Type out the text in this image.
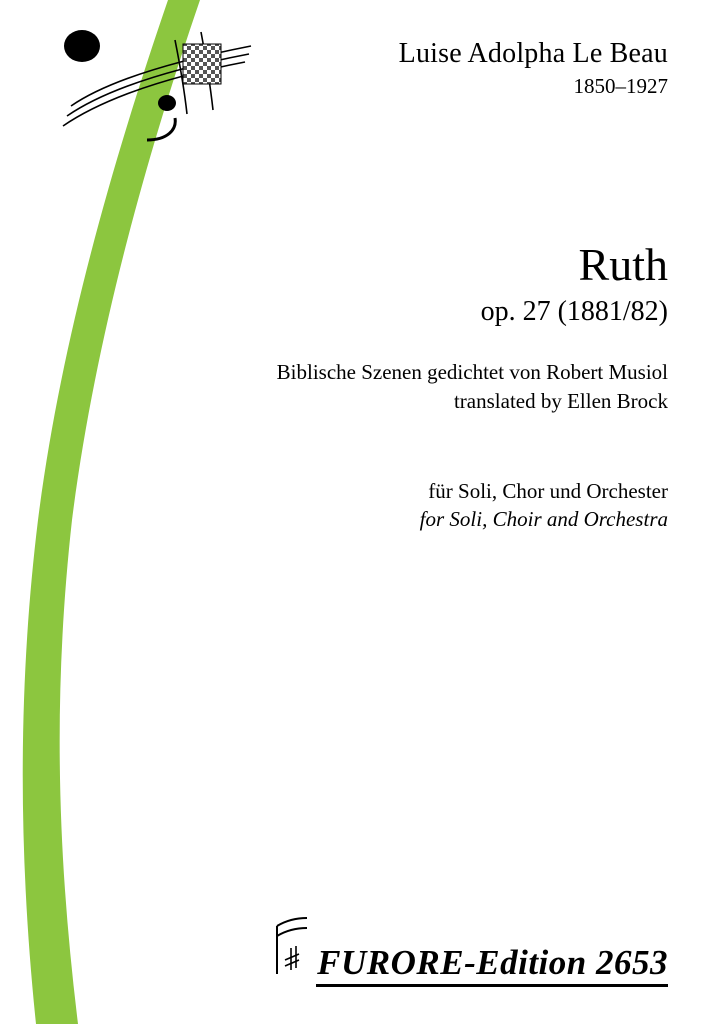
Luise Adolpha Le Beau
1850–1927
Ruth
op. 27 (1881/82)
Biblische Szenen gedichtet von Robert Musiol
translated by Ellen Brock
für Soli, Chor und Orchester
for Soli, Choir and Orchestra
FURORE-Edition 2653
